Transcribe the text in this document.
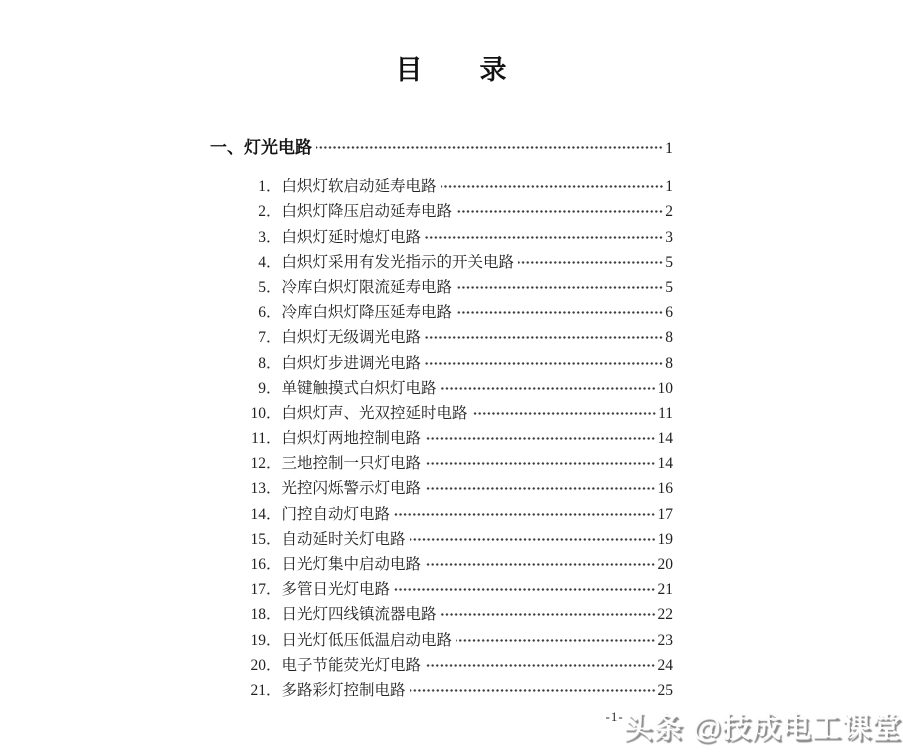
目　　录
一、灯光电路	1
1 ． 白炽灯软启动延寿电路	1
2 ． 白炽灯降压启动延寿电路	2
3 ． 白炽灯延时熄灯电路	3
4 ． 白炽灯采用有发光指示的开关电路	5
5 ． 冷库白炽灯限流延寿电路	5
6 ． 冷库白炽灯降压延寿电路	6
7 ． 白炽灯无级调光电路	8
8 ． 白炽灯步进调光电路	8
9 ． 单键触摸式白炽灯电路	10
10 ． 白炽灯声、光双控延时电路	11
11 ． 白炽灯两地控制电路	14
12 ． 三地控制一只灯电路	14
13 ． 光控闪烁警示灯电路	16
14 ． 门控自动灯电路	17
15 ． 自动延时关灯电路	19
16 ． 日光灯集中启动电路	20
17 ． 多管日光灯电路	21
18 ． 日光灯四线镇流器电路	22
19 ． 日光灯低压低温启动电路	23
20 ． 电子节能荧光灯电路	24
21 ． 多路彩灯控制电路	25
-1- 头条 @技成电工课堂
